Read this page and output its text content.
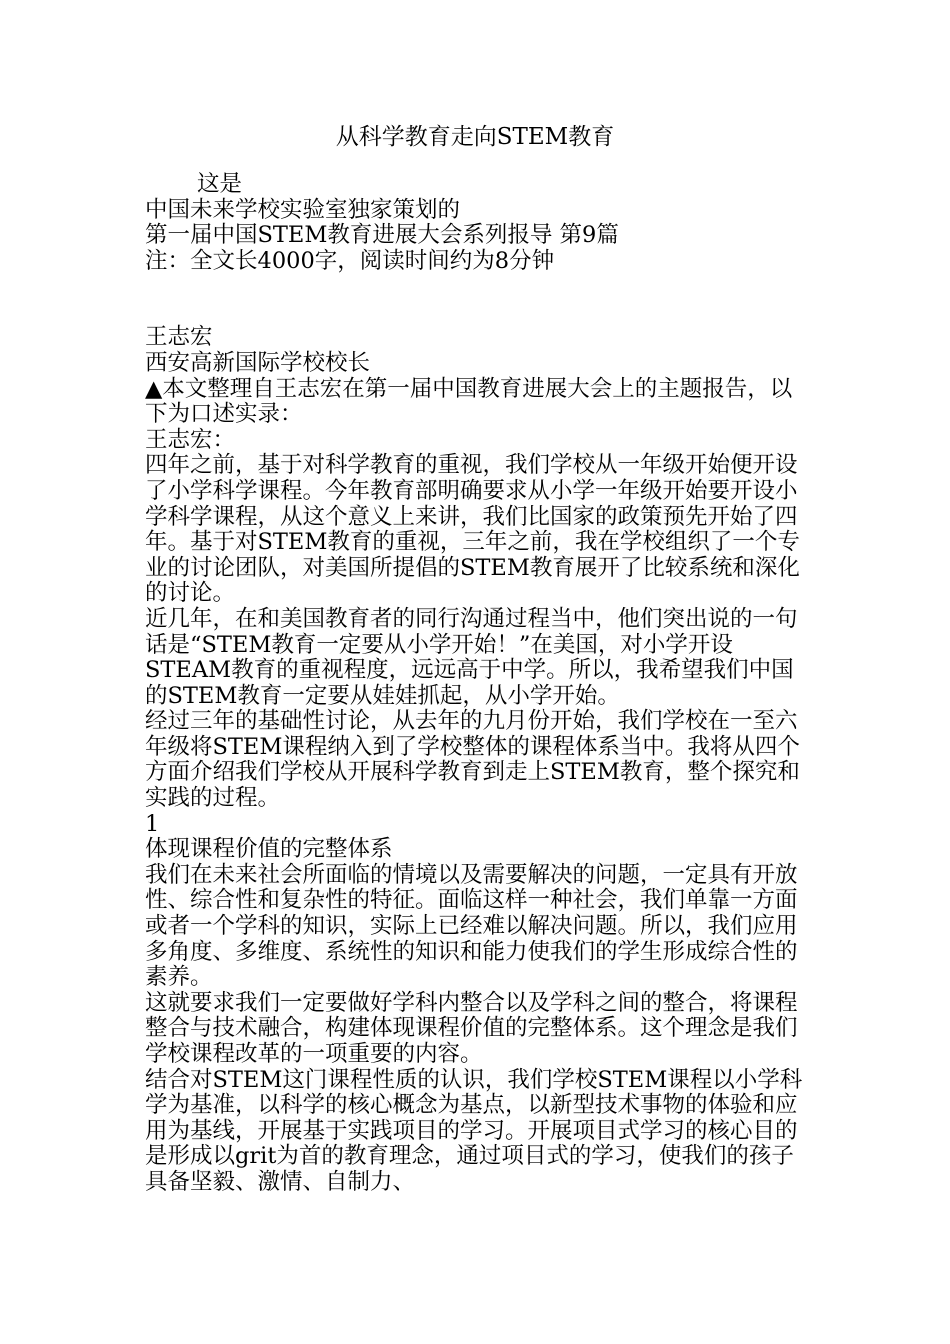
从科学教育走向STEM教育

这是

中国未来学校实验室独家策划的

第一届中国STEM教育进展大会系列报导 第9篇

注：全文长4000字，阅读时间约为8分钟

王志宏

西安高新国际学校校长

▲本文整理自王志宏在第一届中国教育进展大会上的主题报告，以下为口述实录：

王志宏：

四年之前，基于对科学教育的重视，我们学校从一年级开始便开设了小学科学课程。今年教育部明确要求从小学一年级开始要开设小学科学课程，从这个意义上来讲，我们比国家的政策预先开始了四年。基于对STEM教育的重视，三年之前，我在学校组织了一个专业的讨论团队，对美国所提倡的STEM教育展开了比较系统和深化的讨论。

近几年，在和美国教育者的同行沟通过程当中，他们突出说的一句话是“STEM教育一定要从小学开始！”在美国，对小学开设STEAM教育的重视程度，远远高于中学。所以，我希望我们中国的STEM教育一定要从娃娃抓起，从小学开始。

经过三年的基础性讨论，从去年的九月份开始，我们学校在一至六年级将STEM课程纳入到了学校整体的课程体系当中。我将从四个方面介绍我们学校从开展科学教育到走上STEM教育，整个探究和实践的过程。

1

体现课程价值的完整体系

我们在未来社会所面临的情境以及需要解决的问题，一定具有开放性、综合性和复杂性的特征。面临这样一种社会，我们单靠一方面或者一个学科的知识，实际上已经难以解决问题。所以，我们应用多角度、多维度、系统性的知识和能力使我们的学生形成综合性的素养。

这就要求我们一定要做好学科内整合以及学科之间的整合，将课程整合与技术融合，构建体现课程价值的完整体系。这个理念是我们学校课程改革的一项重要的内容。

结合对STEM这门课程性质的认识，我们学校STEM课程以小学科学为基准，以科学的核心概念为基点，以新型技术事物的体验和应用为基线，开展基于实践项目的学习。开展项目式学习的核心目的是形成以grit为首的教育理念，通过项目式的学习，使我们的孩子具备坚毅、激情、自制力、
